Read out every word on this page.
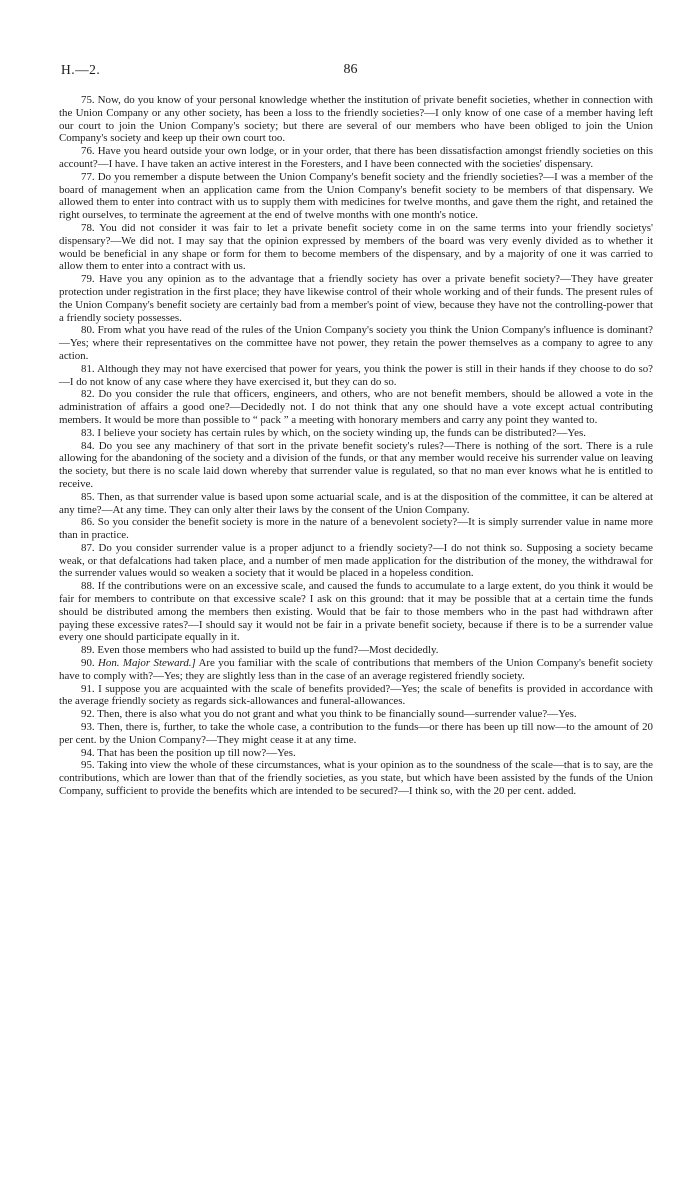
H.—2.	86

75. Now, do you know of your personal knowledge whether the institution of private benefit societies, whether in connection with the Union Company or any other society, has been a loss to the friendly societies?—I only know of one case of a member having left our court to join the Union Company's society; but there are several of our members who have been obliged to join the Union Company's society and keep up their own court too.

76. Have you heard outside your own lodge, or in your order, that there has been dissatisfaction amongst friendly societies on this account?—I have. I have taken an active interest in the Foresters, and I have been connected with the societies' dispensary.

77. Do you remember a dispute between the Union Company's benefit society and the friendly societies?—I was a member of the board of management when an application came from the Union Company's benefit society to be members of that dispensary. We allowed them to enter into contract with us to supply them with medicines for twelve months, and gave them the right, and retained the right ourselves, to terminate the agreement at the end of twelve months with one month's notice.

78. You did not consider it was fair to let a private benefit society come in on the same terms into your friendly societys' dispensary?—We did not. I may say that the opinion expressed by members of the board was very evenly divided as to whether it would be beneficial in any shape or form for them to become members of the dispensary, and by a majority of one it was carried to allow them to enter into a contract with us.

79. Have you any opinion as to the advantage that a friendly society has over a private benefit society?—They have greater protection under registration in the first place; they have likewise control of their whole working and of their funds. The present rules of the Union Company's benefit society are certainly bad from a member's point of view, because they have not the controlling-power that a friendly society possesses.

80. From what you have read of the rules of the Union Company's society you think the Union Company's influence is dominant?—Yes; where their representatives on the committee have not power, they retain the power themselves as a company to agree to any action.

81. Although they may not have exercised that power for years, you think the power is still in their hands if they choose to do so?—I do not know of any case where they have exercised it, but they can do so.

82. Do you consider the rule that officers, engineers, and others, who are not benefit members, should be allowed a vote in the administration of affairs a good one?—Decidedly not. I do not think that any one should have a vote except actual contributing members. It would be more than possible to “ pack ” a meeting with honorary members and carry any point they wanted to.

83. I believe your society has certain rules by which, on the society winding up, the funds can be distributed?—Yes.

84. Do you see any machinery of that sort in the private benefit society's rules?—There is nothing of the sort. There is a rule allowing for the abandoning of the society and a division of the funds, or that any member would receive his surrender value on leaving the society, but there is no scale laid down whereby that surrender value is regulated, so that no man ever knows what he is entitled to receive.

85. Then, as that surrender value is based upon some actuarial scale, and is at the disposition of the committee, it can be altered at any time?—At any time. They can only alter their laws by the consent of the Union Company.

86. So you consider the benefit society is more in the nature of a benevolent society?—It is simply surrender value in name more than in practice.

87. Do you consider surrender value is a proper adjunct to a friendly society?—I do not think so. Supposing a society became weak, or that defalcations had taken place, and a number of men made application for the distribution of the money, the withdrawal for the surrender values would so weaken a society that it would be placed in a hopeless condition.

88. If the contributions were on an excessive scale, and caused the funds to accumulate to a large extent, do you think it would be fair for members to contribute on that excessive scale? I ask on this ground: that it may be possible that at a certain time the funds should be distributed among the members then existing. Would that be fair to those members who in the past had withdrawn after paying these excessive rates?—I should say it would not be fair in a private benefit society, because if there is to be a surrender value every one should participate equally in it.

89. Even those members who had assisted to build up the fund?—Most decidedly.

90. Hon. Major Steward.] Are you familiar with the scale of contributions that members of the Union Company's benefit society have to comply with?—Yes; they are slightly less than in the case of an average registered friendly society.

91. I suppose you are acquainted with the scale of benefits provided?—Yes; the scale of benefits is provided in accordance with the average friendly society as regards sick-allowances and funeral-allowances.

92. Then, there is also what you do not grant and what you think to be financially sound—surrender value?—Yes.

93. Then, there is, further, to take the whole case, a contribution to the funds—or there has been up till now—to the amount of 20 per cent. by the Union Company?—They might cease it at any time.

94. That has been the position up till now?—Yes.

95. Taking into view the whole of these circumstances, what is your opinion as to the soundness of the scale—that is to say, are the contributions, which are lower than that of the friendly societies, as you state, but which have been assisted by the funds of the Union Company, sufficient to provide the benefits which are intended to be secured?—I think so, with the 20 per cent. added.
